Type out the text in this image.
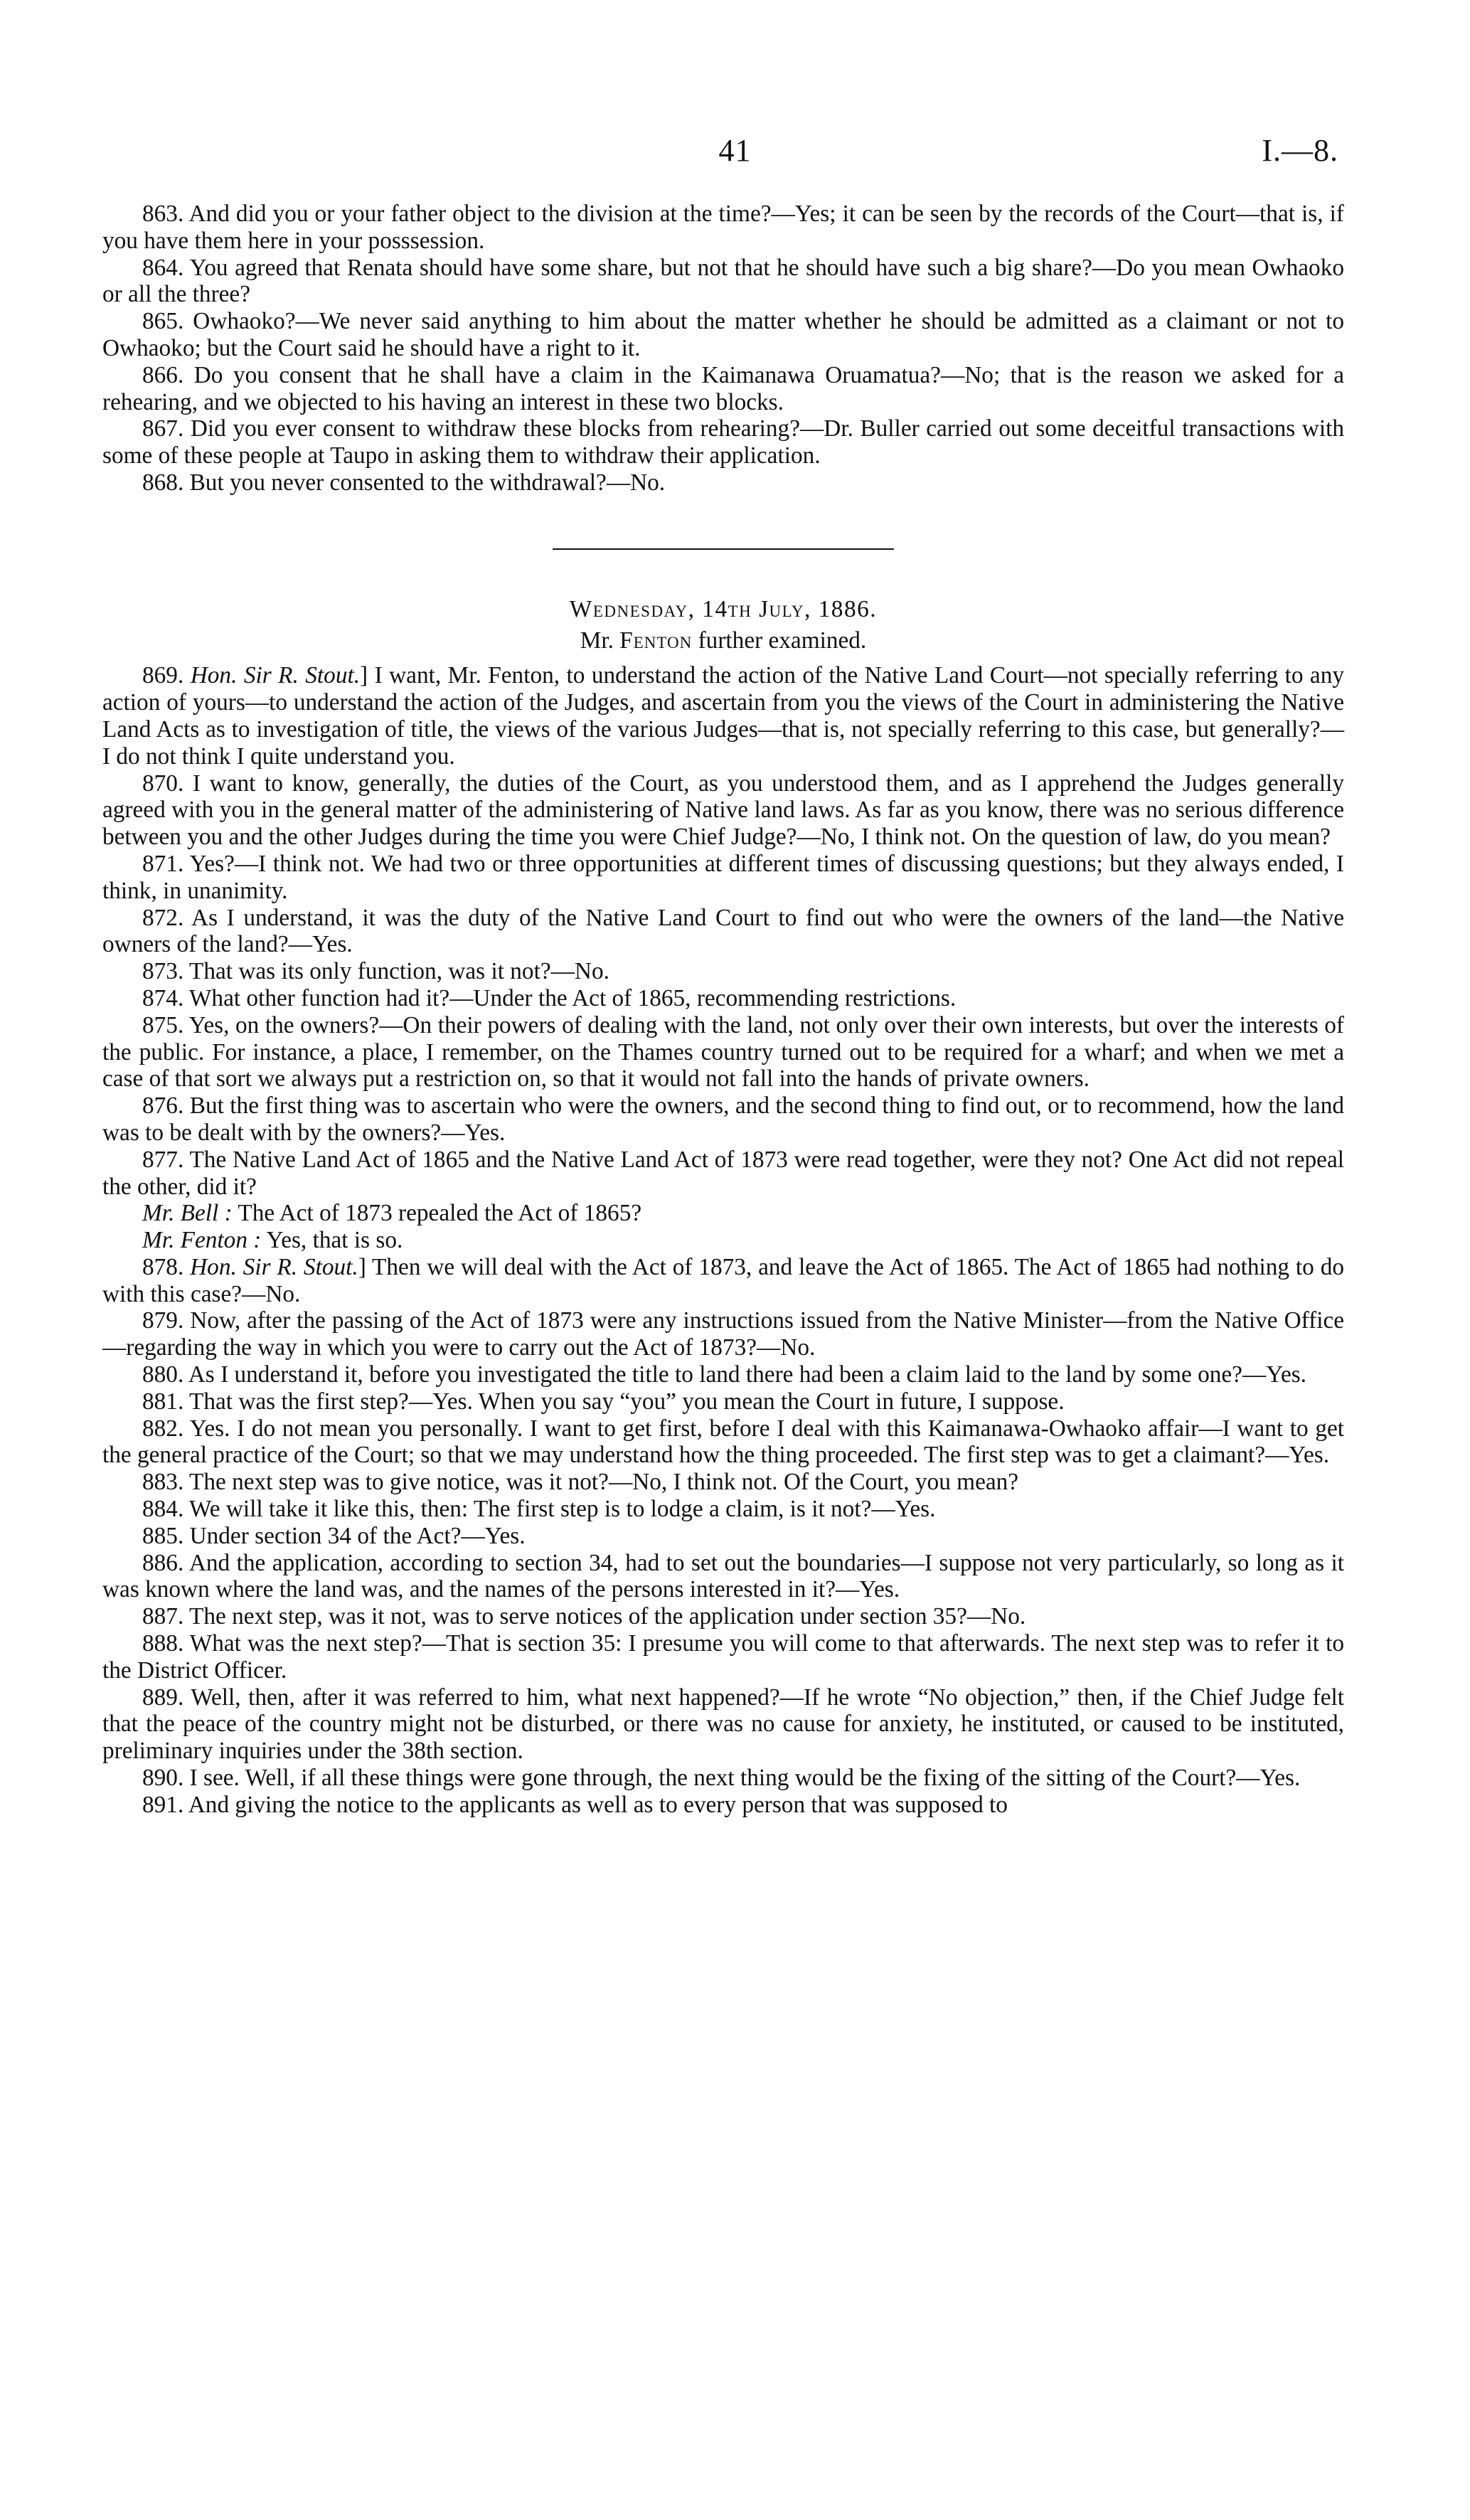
41	I.—8.

863. And did you or your father object to the division at the time?—Yes; it can be seen by the records of the Court—that is, if you have them here in your posssession.

864. You agreed that Renata should have some share, but not that he should have such a big share?—Do you mean Owhaoko or all the three?

865. Owhaoko?—We never said anything to him about the matter whether he should be admitted as a claimant or not to Owhaoko; but the Court said he should have a right to it.

866. Do you consent that he shall have a claim in the Kaimanawa Oruamatua?—No; that is the reason we asked for a rehearing, and we objected to his having an interest in these two blocks.

867. Did you ever consent to withdraw these blocks from rehearing?—Dr. Buller carried out some deceitful transactions with some of these people at Taupo in asking them to withdraw their application.

868. But you never consented to the withdrawal?—No.

Wednesday, 14th July, 1886.

Mr. Fenton further examined.

869. Hon. Sir R. Stout.] I want, Mr. Fenton, to understand the action of the Native Land Court—not specially referring to any action of yours—to understand the action of the Judges, and ascertain from you the views of the Court in administering the Native Land Acts as to investigation of title, the views of the various Judges—that is, not specially referring to this case, but generally?—I do not think I quite understand you.

870. I want to know, generally, the duties of the Court, as you understood them, and as I apprehend the Judges generally agreed with you in the general matter of the administering of Native land laws. As far as you know, there was no serious difference between you and the other Judges during the time you were Chief Judge?—No, I think not. On the question of law, do you mean?

871. Yes?—I think not. We had two or three opportunities at different times of discussing questions; but they always ended, I think, in unanimity.

872. As I understand, it was the duty of the Native Land Court to find out who were the owners of the land—the Native owners of the land?—Yes.

873. That was its only function, was it not?—No.

874. What other function had it?—Under the Act of 1865, recommending restrictions.

875. Yes, on the owners?—On their powers of dealing with the land, not only over their own interests, but over the interests of the public. For instance, a place, I remember, on the Thames country turned out to be required for a wharf; and when we met a case of that sort we always put a restriction on, so that it would not fall into the hands of private owners.

876. But the first thing was to ascertain who were the owners, and the second thing to find out, or to recommend, how the land was to be dealt with by the owners?—Yes.

877. The Native Land Act of 1865 and the Native Land Act of 1873 were read together, were they not? One Act did not repeal the other, did it?

Mr. Bell : The Act of 1873 repealed the Act of 1865?

Mr. Fenton : Yes, that is so.

878. Hon. Sir R. Stout.] Then we will deal with the Act of 1873, and leave the Act of 1865. The Act of 1865 had nothing to do with this case?—No.

879. Now, after the passing of the Act of 1873 were any instructions issued from the Native Minister—from the Native Office—regarding the way in which you were to carry out the Act of 1873?—No.

880. As I understand it, before you investigated the title to land there had been a claim laid to the land by some one?—Yes.

881. That was the first step?—Yes. When you say “you” you mean the Court in future, I suppose.

882. Yes. I do not mean you personally. I want to get first, before I deal with this Kaimanawa-Owhaoko affair—I want to get the general practice of the Court; so that we may understand how the thing proceeded. The first step was to get a claimant?—Yes.

883. The next step was to give notice, was it not?—No, I think not. Of the Court, you mean?

884. We will take it like this, then: The first step is to lodge a claim, is it not?—Yes.

885. Under section 34 of the Act?—Yes.

886. And the application, according to section 34, had to set out the boundaries—I suppose not very particularly, so long as it was known where the land was, and the names of the persons interested in it?—Yes.

887. The next step, was it not, was to serve notices of the application under section 35?—No.

888. What was the next step?—That is section 35: I presume you will come to that afterwards. The next step was to refer it to the District Officer.

889. Well, then, after it was referred to him, what next happened?—If he wrote “No objection,” then, if the Chief Judge felt that the peace of the country might not be disturbed, or there was no cause for anxiety, he instituted, or caused to be instituted, preliminary inquiries under the 38th section.

890. I see. Well, if all these things were gone through, the next thing would be the fixing of the sitting of the Court?—Yes.

891. And giving the notice to the applicants as well as to every person that was supposed to
